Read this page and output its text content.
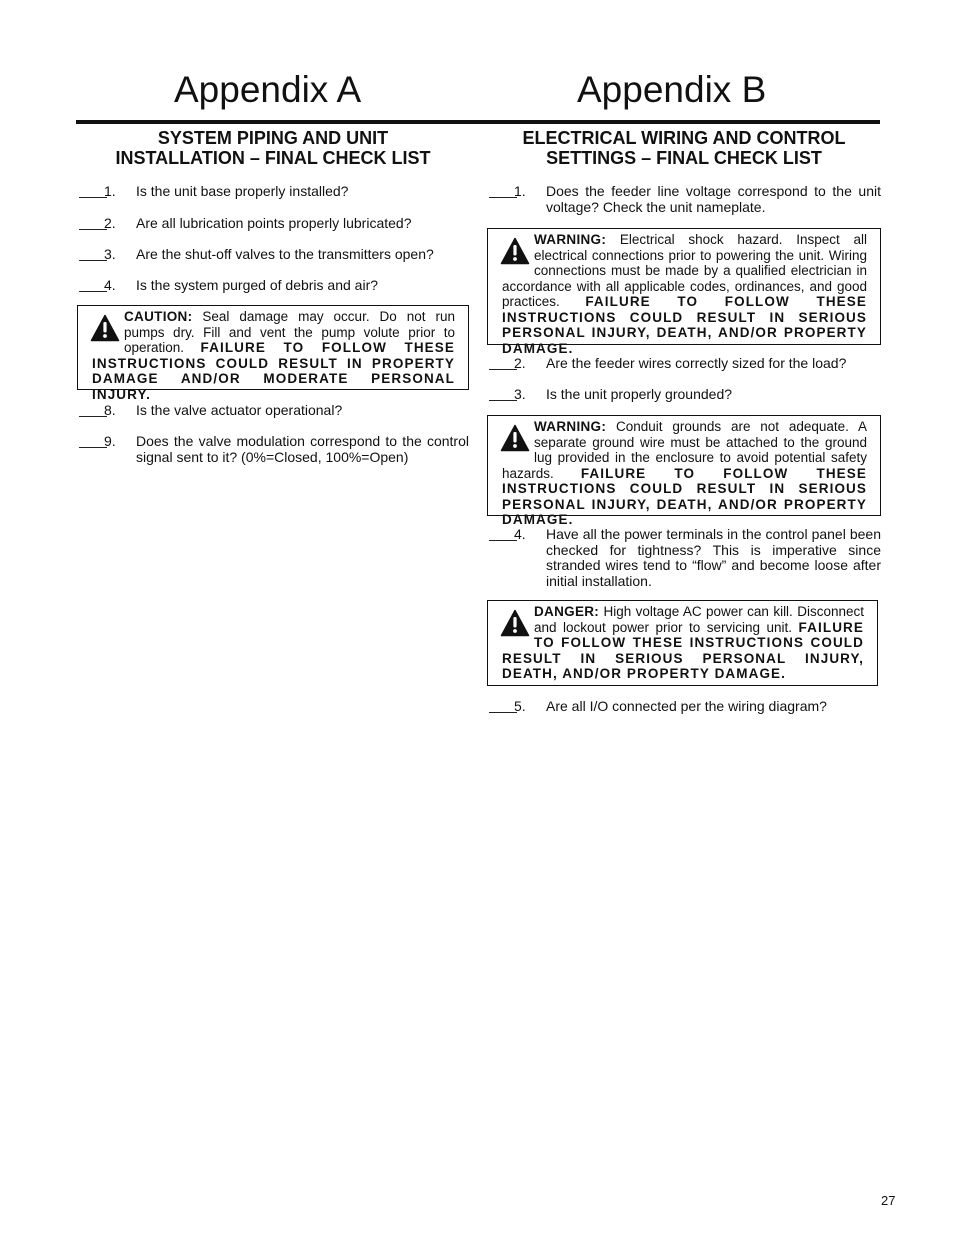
Appendix A	Appendix B
SYSTEM PIPING AND UNIT
INSTALLATION – FINAL CHECK LIST
1. Is the unit base properly installed?
2. Are all lubrication points properly lubricated?
3. Are the shut-off valves to the transmitters open?
4. Is the system purged of debris and air?
CAUTION: Seal damage may occur. Do not run pumps dry. Fill and vent the pump volute prior to operation. FAILURE TO FOLLOW THESE INSTRUCTIONS COULD RESULT IN PROPERTY DAMAGE AND/OR MODERATE PERSONAL INJURY.
8. Is the valve actuator operational?
9. Does the valve modulation correspond to the control signal sent to it? (0%=Closed, 100%=Open)
ELECTRICAL WIRING AND CONTROL
SETTINGS – FINAL CHECK LIST
1. Does the feeder line voltage correspond to the unit voltage? Check the unit nameplate.
WARNING: Electrical shock hazard. Inspect all electrical connections prior to powering the unit. Wiring connections must be made by a qualified electrician in accordance with all applicable codes, ordinances, and good practices. FAILURE TO FOLLOW THESE INSTRUCTIONS COULD RESULT IN SERIOUS PERSONAL INJURY, DEATH, AND/OR PROPERTY DAMAGE.
2. Are the feeder wires correctly sized for the load?
3. Is the unit properly grounded?
WARNING: Conduit grounds are not adequate. A separate ground wire must be attached to the ground lug provided in the enclosure to avoid potential safety hazards. FAILURE TO FOLLOW THESE INSTRUCTIONS COULD RESULT IN SERIOUS PERSONAL INJURY, DEATH, AND/OR PROPERTY DAMAGE.
4. Have all the power terminals in the control panel been checked for tightness? This is imperative since stranded wires tend to “flow” and become loose after initial installation.
DANGER: High voltage AC power can kill. Disconnect and lockout power prior to servicing unit. FAILURE TO FOLLOW THESE INSTRUCTIONS COULD RESULT IN SERIOUS PERSONAL INJURY, DEATH, AND/OR PROPERTY DAMAGE.
5. Are all I/O connected per the wiring diagram?
27
